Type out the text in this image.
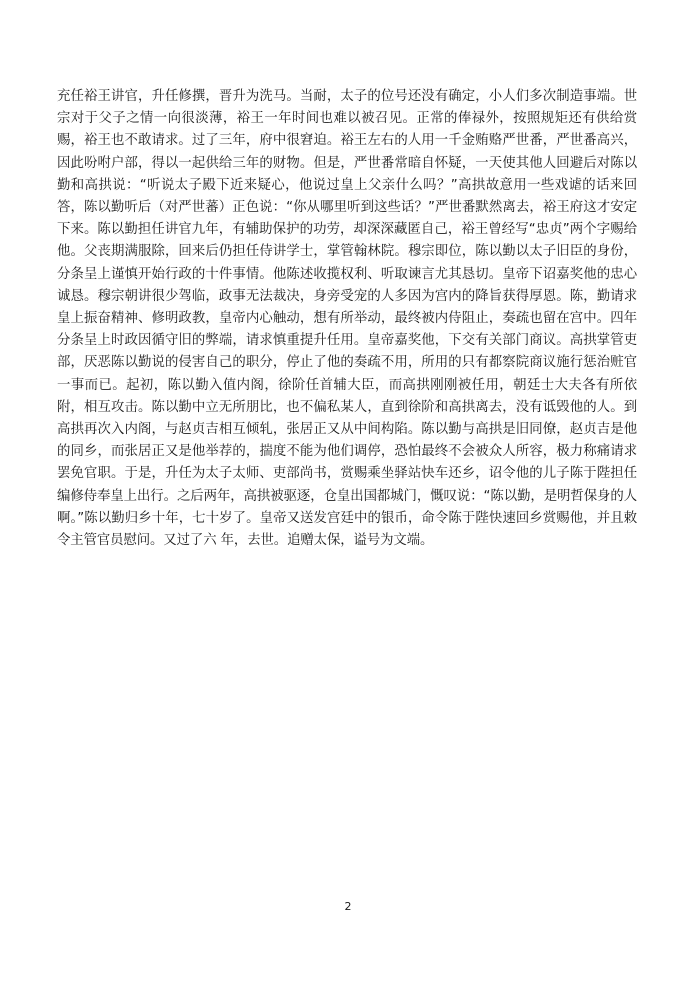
充任裕王讲官，升任修撰，晋升为洗马。当耐，太子的位号还没有确定，小人们多次制造事端。世宗对于父子之情一向很淡薄，裕王一年时间也难以被召见。正常的俸禄外，按照规矩还有供给赏赐，裕王也不敢请求。过了三年，府中很窘迫。裕王左右的人用一千金贿赂严世番，严世番高兴，因此吩咐户部，得以一起供给三年的财物。但是，严世番常暗自怀疑，一天使其他人回避后对陈以勤和高拱说：“听说太子殿下近来疑心，他说过皇上父亲什么吗？”高拱故意用一些戏谑的话来回答，陈以勤听后（对严世蕃）正色说：“你从哪里听到这些话？”严世番默然离去，裕王府这才安定下来。陈以勤担任讲官九年，有辅助保护的功劳，却深深藏匿自己，裕王曾经写“忠贞”两个字赐给他。父丧期满服除，回来后仍担任侍讲学士，掌管翰林院。穆宗即位，陈以勤以太子旧臣的身份，分条呈上谨慎开始行政的十件事情。他陈述收揽权利、听取谏言尤其恳切。皇帝下诏嘉奖他的忠心诚恳。穆宗朝讲很少驾临，政事无法裁决，身旁受宠的人多因为宫内的降旨获得厚恩。陈，勤请求皇上振奋精神、修明政教，皇帝内心触动，想有所举动，最终被内侍阻止，奏疏也留在宫中。四年分条呈上时政因循守旧的弊端，请求慎重提升任用。皇帝嘉奖他，下交有关部门商议。高拱掌管吏部，厌恶陈以勤说的侵害自己的职分，停止了他的奏疏不用，所用的只有都察院商议施行惩治赃官一事而已。起初，陈以勤入值内阁，徐阶任首辅大臣，而高拱刚刚被任用，朝廷士大夫各有所依附，相互攻击。陈以勤中立无所朋比，也不偏私某人，直到徐阶和高拱离去，没有诋毁他的人。到高拱再次入内阁，与赵贞吉相互倾轧，张居正又从中间构陷。陈以勤与高拱是旧同僚，赵贞吉是他的同乡，而张居正又是他举荐的，揣度不能为他们调停，恐怕最终不会被众人所容，极力称痛请求罢免官职。于是，升任为太子太师、吏部尚书，赏赐乘坐驿站快车还乡，诏令他的儿子陈于陛担任编修侍奉皇上出行。之后两年，高拱被驱逐，仓皇出国都城门，慨叹说：“陈以勤，是明哲保身的人啊。”陈以勤归乡十年，七十岁了。皇帝又送发宫廷中的银币，命令陈于陛快速回乡赏赐他，并且敕令主管官员慰问。又过了六 年，去世。追赠太保，谥号为文端。

2
